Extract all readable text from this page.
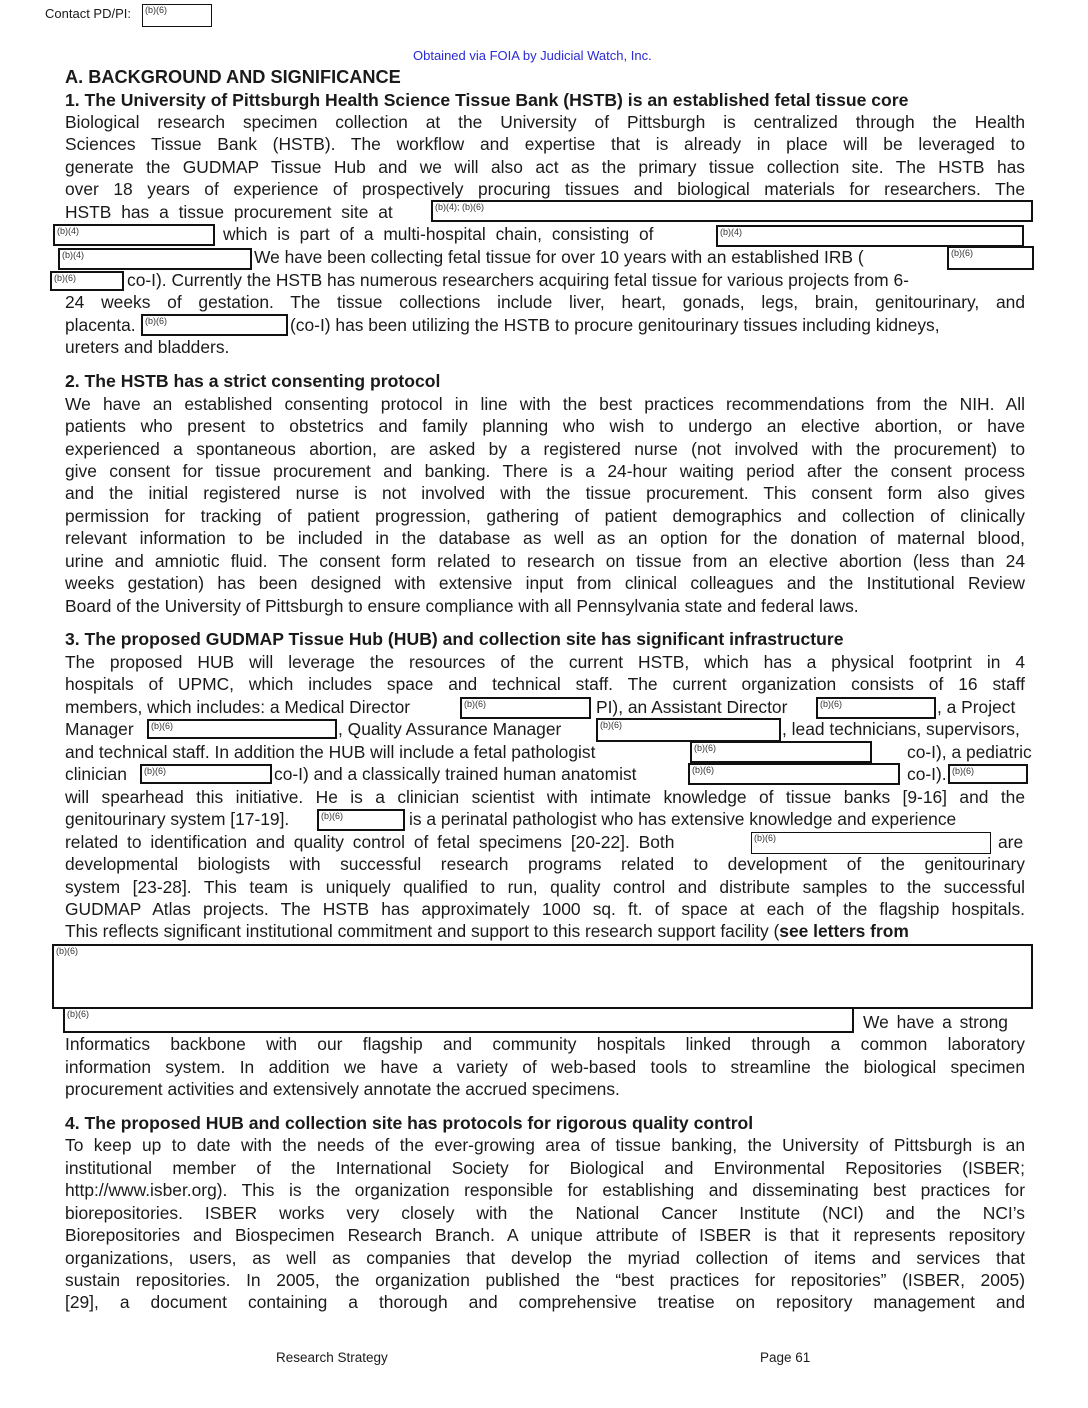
Contact PD/PI: (b)(6)
Obtained via FOIA by Judicial Watch, Inc.
A. BACKGROUND AND SIGNIFICANCE
1. The University of Pittsburgh Health Science Tissue Bank (HSTB) is an established fetal tissue core
Biological research specimen collection at the University of Pittsburgh is centralized through the Health
Sciences Tissue Bank (HSTB). The workflow and expertise that is already in place will be leveraged to
generate the GUDMAP Tissue Hub and we will also act as the primary tissue collection site. The HSTB has
over 18 years of experience of prospectively procuring tissues and biological materials for researchers. The
HSTB has a tissue procurement site at	(b)(4); (b)(6)
(b)(4)	which is part of a multi-hospital chain, consisting of	(b)(4)
(b)(4)	We have been collecting fetal tissue for over 10 years with an established IRB (	(b)(6)
(b)(6)	co-I). Currently the HSTB has numerous researchers acquiring fetal tissue for various projects from 6-
24 weeks of gestation. The tissue collections include liver, heart, gonads, legs, brain, genitourinary, and
placenta. (b)(6)	(co-I) has been utilizing the HSTB to procure genitourinary tissues including kidneys,
ureters and bladders.
2. The HSTB has a strict consenting protocol
We have an established consenting protocol in line with the best practices recommendations from the NIH. All
patients who present to obstetrics and family planning who wish to undergo an elective abortion, or have
experienced a spontaneous abortion, are asked by a registered nurse (not involved with the procurement) to
give consent for tissue procurement and banking. There is a 24-hour waiting period after the consent process
and the initial registered nurse is not involved with the tissue procurement. This consent form also gives
permission for tracking of patient progression, gathering of patient demographics and collection of clinically
relevant information to be included in the database as well as an option for the donation of maternal blood,
urine and amniotic fluid. The consent form related to research on tissue from an elective abortion (less than 24
weeks gestation) has been designed with extensive input from clinical colleagues and the Institutional Review
Board of the University of Pittsburgh to ensure compliance with all Pennsylvania state and federal laws.
3. The proposed GUDMAP Tissue Hub (HUB) and collection site has significant infrastructure
The proposed HUB will leverage the resources of the current HSTB, which has a physical footprint in 4
hospitals of UPMC, which includes space and technical staff. The current organization consists of 16 staff
members, which includes: a Medical Director	(b)(6)	PI), an Assistant Director	(b)(6)	, a Project
Manager (b)(6)	, Quality Assurance Manager	(b)(6)	, lead technicians, supervisors,
and technical staff. In addition the HUB will include a fetal pathologist	(b)(6)	co-I), a pediatric
clinician (b)(6)	co-I) and a classically trained human anatomist	(b)(6)	co-I). (b)(6)
will spearhead this initiative. He is a clinician scientist with intimate knowledge of tissue banks [9-16] and the
genitourinary system [17-19].	(b)(6)	is a perinatal pathologist who has extensive knowledge and experience
related to identification and quality control of fetal specimens [20-22]. Both	(b)(6)	are
developmental biologists with successful research programs related to development of the genitourinary
system [23-28]. This team is uniquely qualified to run, quality control and distribute samples to the successful
GUDMAP Atlas projects. The HSTB has approximately 1000 sq. ft. of space at each of the flagship hospitals.
This reflects significant institutional commitment and support to this research support facility (see letters from
(b)(6)
(b)(6)	We have a strong
Informatics backbone with our flagship and community hospitals linked through a common laboratory
information system. In addition we have a variety of web-based tools to streamline the biological specimen
procurement activities and extensively annotate the accrued specimens.
4. The proposed HUB and collection site has protocols for rigorous quality control
To keep up to date with the needs of the ever-growing area of tissue banking, the University of Pittsburgh is an
institutional member of the International Society for Biological and Environmental Repositories (ISBER;
http://www.isber.org). This is the organization responsible for establishing and disseminating best practices for
biorepositories. ISBER works very closely with the National Cancer Institute (NCI) and the NCI’s
Biorepositories and Biospecimen Research Branch. A unique attribute of ISBER is that it represents repository
organizations, users, as well as companies that develop the myriad collection of items and services that
sustain repositories. In 2005, the organization published the “best practices for repositories” (ISBER, 2005)
[29], a document containing a thorough and comprehensive treatise on repository management and
Research Strategy	Page 61
